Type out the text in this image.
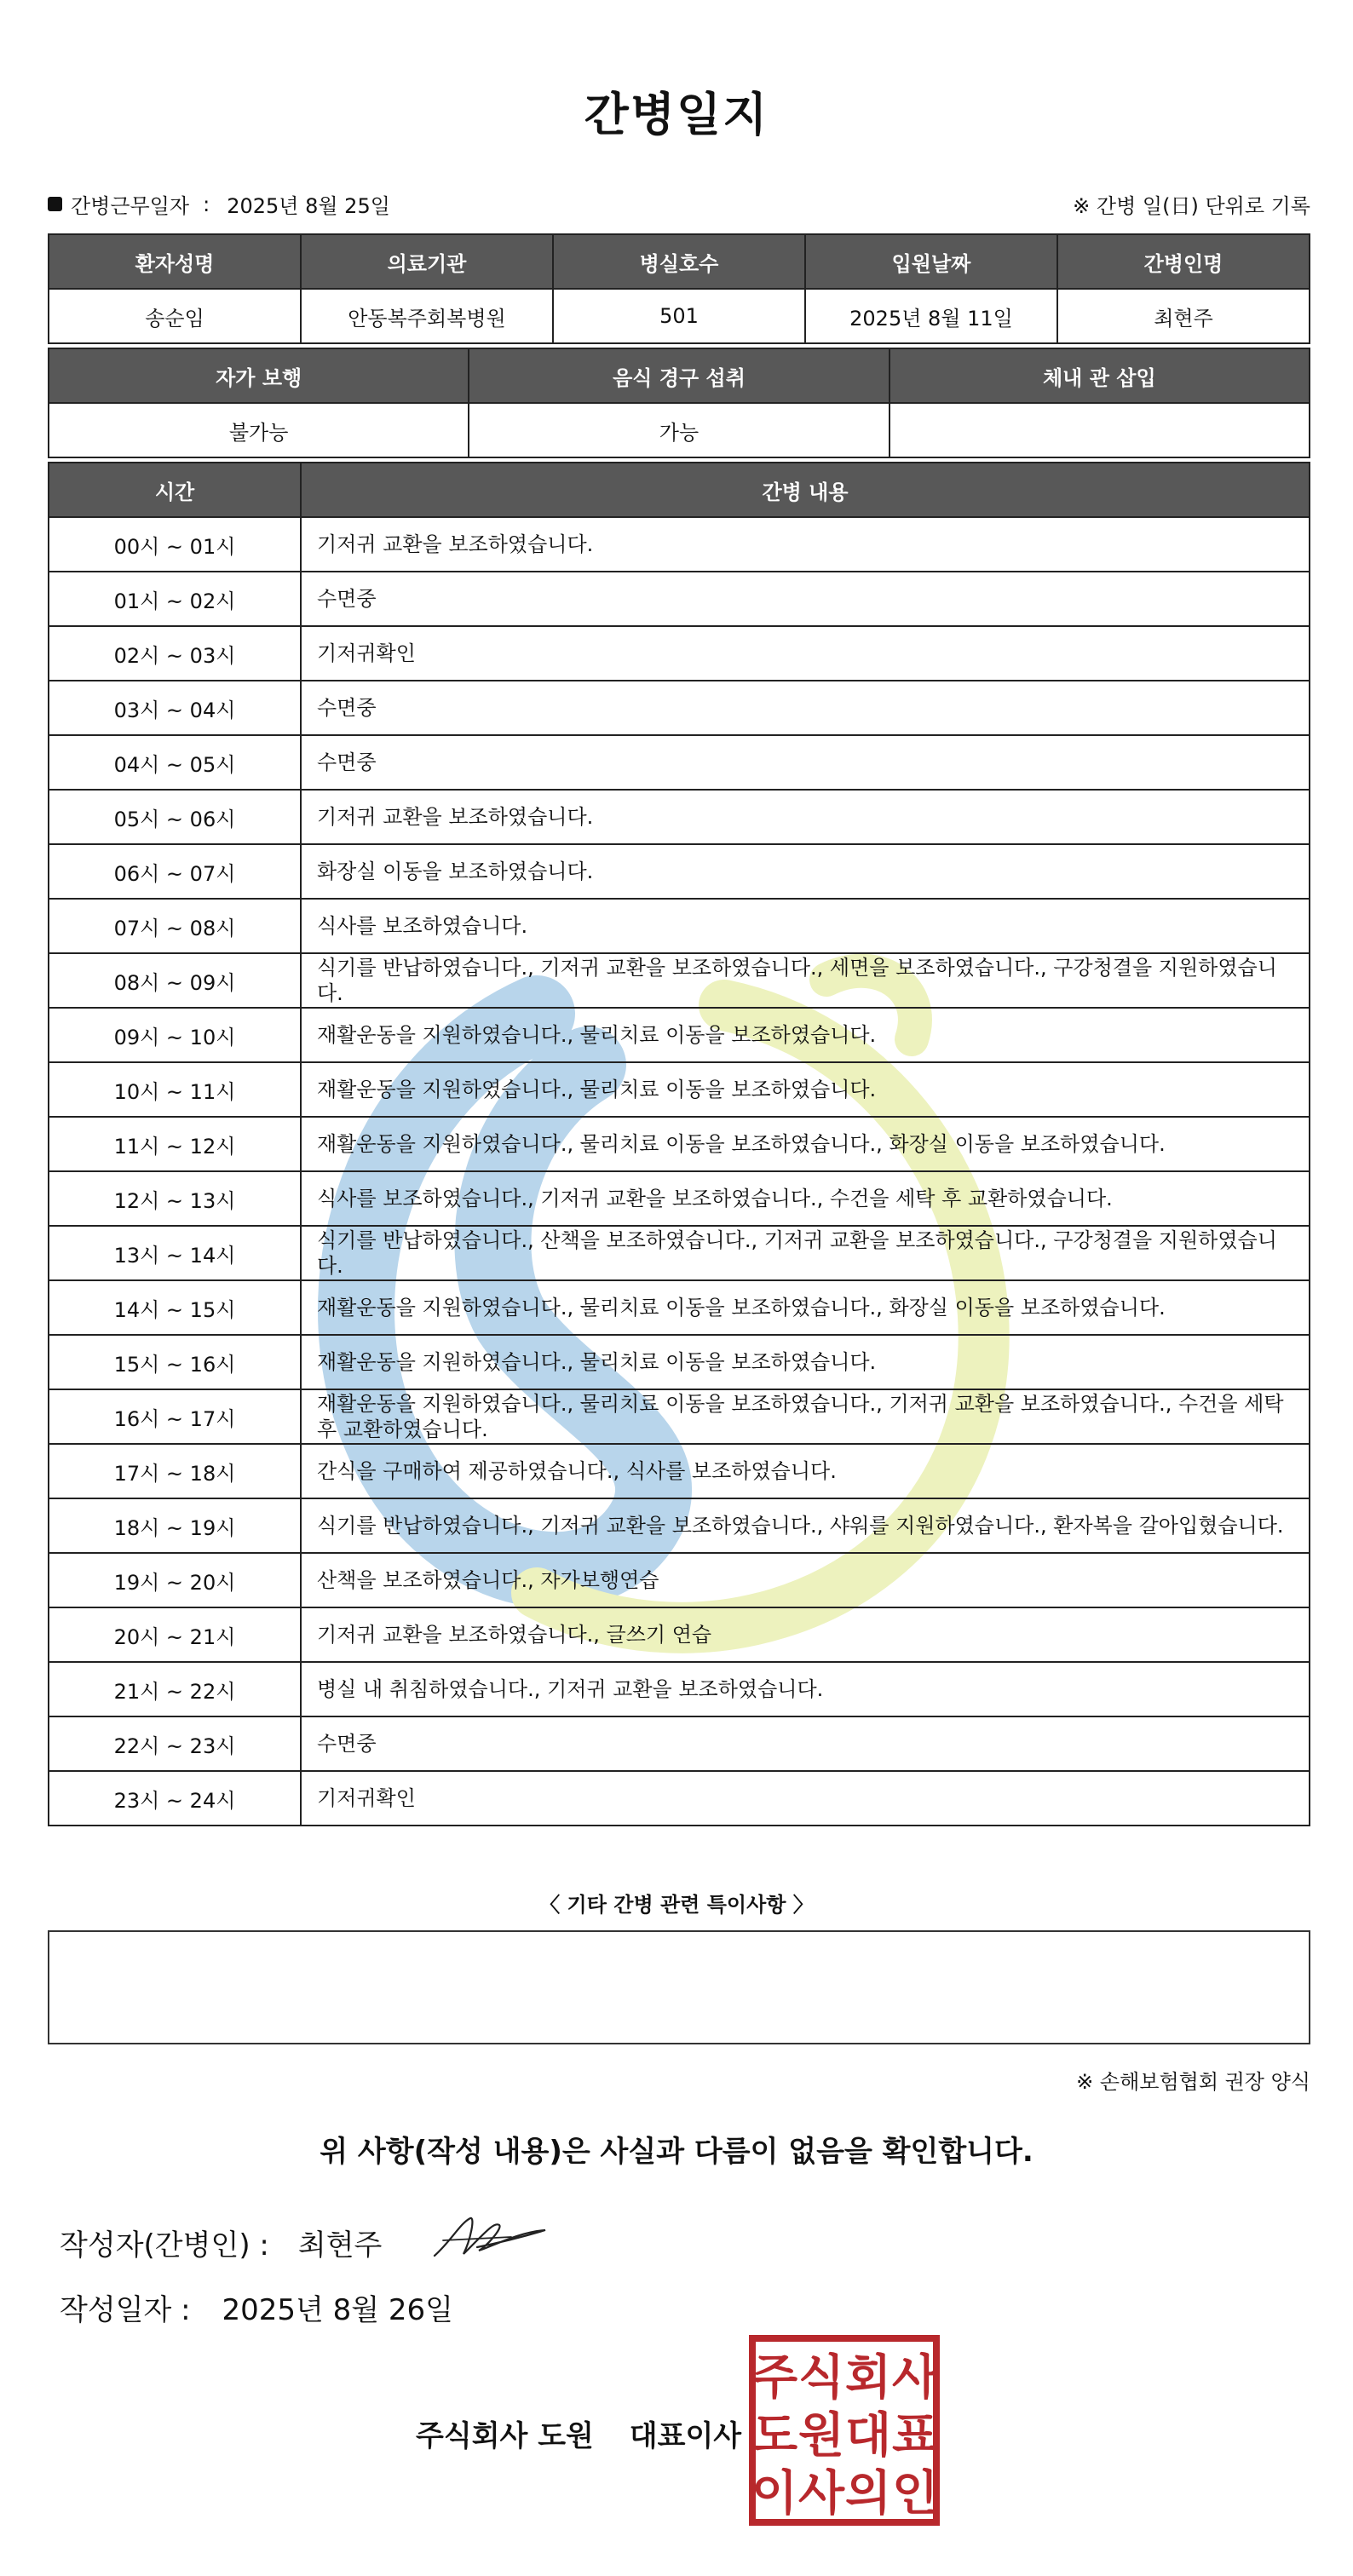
간병일지
간병근무일자 : 2025년 8월 25일	※ 간병 일(日) 단위로 기록
환자성명	의료기관	병실호수	입원날짜	간병인명
송순임	안동복주회복병원	501	2025년 8월 11일	최현주
자가 보행	음식 경구 섭취	체내 관 삽입
불가능	가능	
시간	간병 내용
00시 ~ 01시	기저귀 교환을 보조하였습니다.
01시 ~ 02시	수면중
02시 ~ 03시	기저귀확인
03시 ~ 04시	수면중
04시 ~ 05시	수면중
05시 ~ 06시	기저귀 교환을 보조하였습니다.
06시 ~ 07시	화장실 이동을 보조하였습니다.
07시 ~ 08시	식사를 보조하였습니다.
08시 ~ 09시	식기를 반납하였습니다., 기저귀 교환을 보조하였습니다., 세면을 보조하였습니다., 구강청결을 지원하였습니다.
09시 ~ 10시	재활운동을 지원하였습니다., 물리치료 이동을 보조하였습니다.
10시 ~ 11시	재활운동을 지원하였습니다., 물리치료 이동을 보조하였습니다.
11시 ~ 12시	재활운동을 지원하였습니다., 물리치료 이동을 보조하였습니다., 화장실 이동을 보조하였습니다.
12시 ~ 13시	식사를 보조하였습니다., 기저귀 교환을 보조하였습니다., 수건을 세탁 후 교환하였습니다.
13시 ~ 14시	식기를 반납하였습니다., 산책을 보조하였습니다., 기저귀 교환을 보조하였습니다., 구강청결을 지원하였습니다.
14시 ~ 15시	재활운동을 지원하였습니다., 물리치료 이동을 보조하였습니다., 화장실 이동을 보조하였습니다.
15시 ~ 16시	재활운동을 지원하였습니다., 물리치료 이동을 보조하였습니다.
16시 ~ 17시	재활운동을 지원하였습니다., 물리치료 이동을 보조하였습니다., 기저귀 교환을 보조하였습니다., 수건을 세탁 후 교환하였습니다.
17시 ~ 18시	간식을 구매하여 제공하였습니다., 식사를 보조하였습니다.
18시 ~ 19시	식기를 반납하였습니다., 기저귀 교환을 보조하였습니다., 샤워를 지원하였습니다., 환자복을 갈아입혔습니다.
19시 ~ 20시	산책을 보조하였습니다., 자가보행연습
20시 ~ 21시	기저귀 교환을 보조하였습니다., 글쓰기 연습
21시 ~ 22시	병실 내 취침하였습니다., 기저귀 교환을 보조하였습니다.
22시 ~ 23시	수면중
23시 ~ 24시	기저귀확인
〈 기타 간병 관련 특이사항 〉
※ 손해보험협회 권장 양식
위 사항(작성 내용)은 사실과 다름이 없음을 확인합니다.
작성자(간병인) : 최현주
작성일자 : 2025년 8월 26일
주식회사 도원 대표이사
주 식 회 사
도 원 대 표
이 사 의 인
